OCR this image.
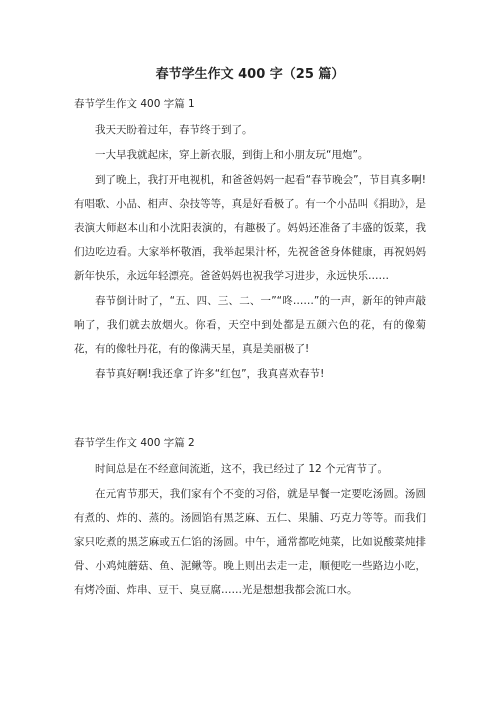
春节学生作文 400 字（25 篇）
春节学生作文 400 字篇 1

我天天盼着过年，春节终于到了。

一大早我就起床，穿上新衣服，到街上和小朋友玩“甩炮”。

到了晚上，我打开电视机，和爸爸妈妈一起看“春节晚会”，节目真多啊!有唱歌、小品、相声、杂技等等，真是好看极了。有一个小品叫《捐助》，是表演大师赵本山和小沈阳表演的，有趣极了。妈妈还准备了丰盛的饭菜，我们边吃边看。大家举杯敬酒，我举起果汁杯，先祝爸爸身体健康，再祝妈妈新年快乐，永远年轻漂亮。爸爸妈妈也祝我学习进步，永远快乐……

春节倒计时了，“五、四、三、二、一”“咚……”的一声，新年的钟声敲响了，我们就去放烟火。你看，天空中到处都是五颜六色的花，有的像菊花，有的像牡丹花，有的像满天星，真是美丽极了!

春节真好啊!我还拿了许多“红包”，我真喜欢春节!

春节学生作文 400 字篇 2

时间总是在不经意间流逝，这不，我已经过了 12 个元宵节了。

在元宵节那天，我们家有个不变的习俗，就是早餐一定要吃汤圆。汤圆有煮的、炸的、蒸的。汤圆馅有黑芝麻、五仁、果脯、巧克力等等。而我们家只吃煮的黑芝麻或五仁馅的汤圆。中午，通常都吃炖菜，比如说酸菜炖排骨、小鸡炖蘑菇、鱼、泥鳅等。晚上则出去走一走，顺便吃一些路边小吃，有烤冷面、炸串、豆干、臭豆腐……光是想想我都会流口水。
